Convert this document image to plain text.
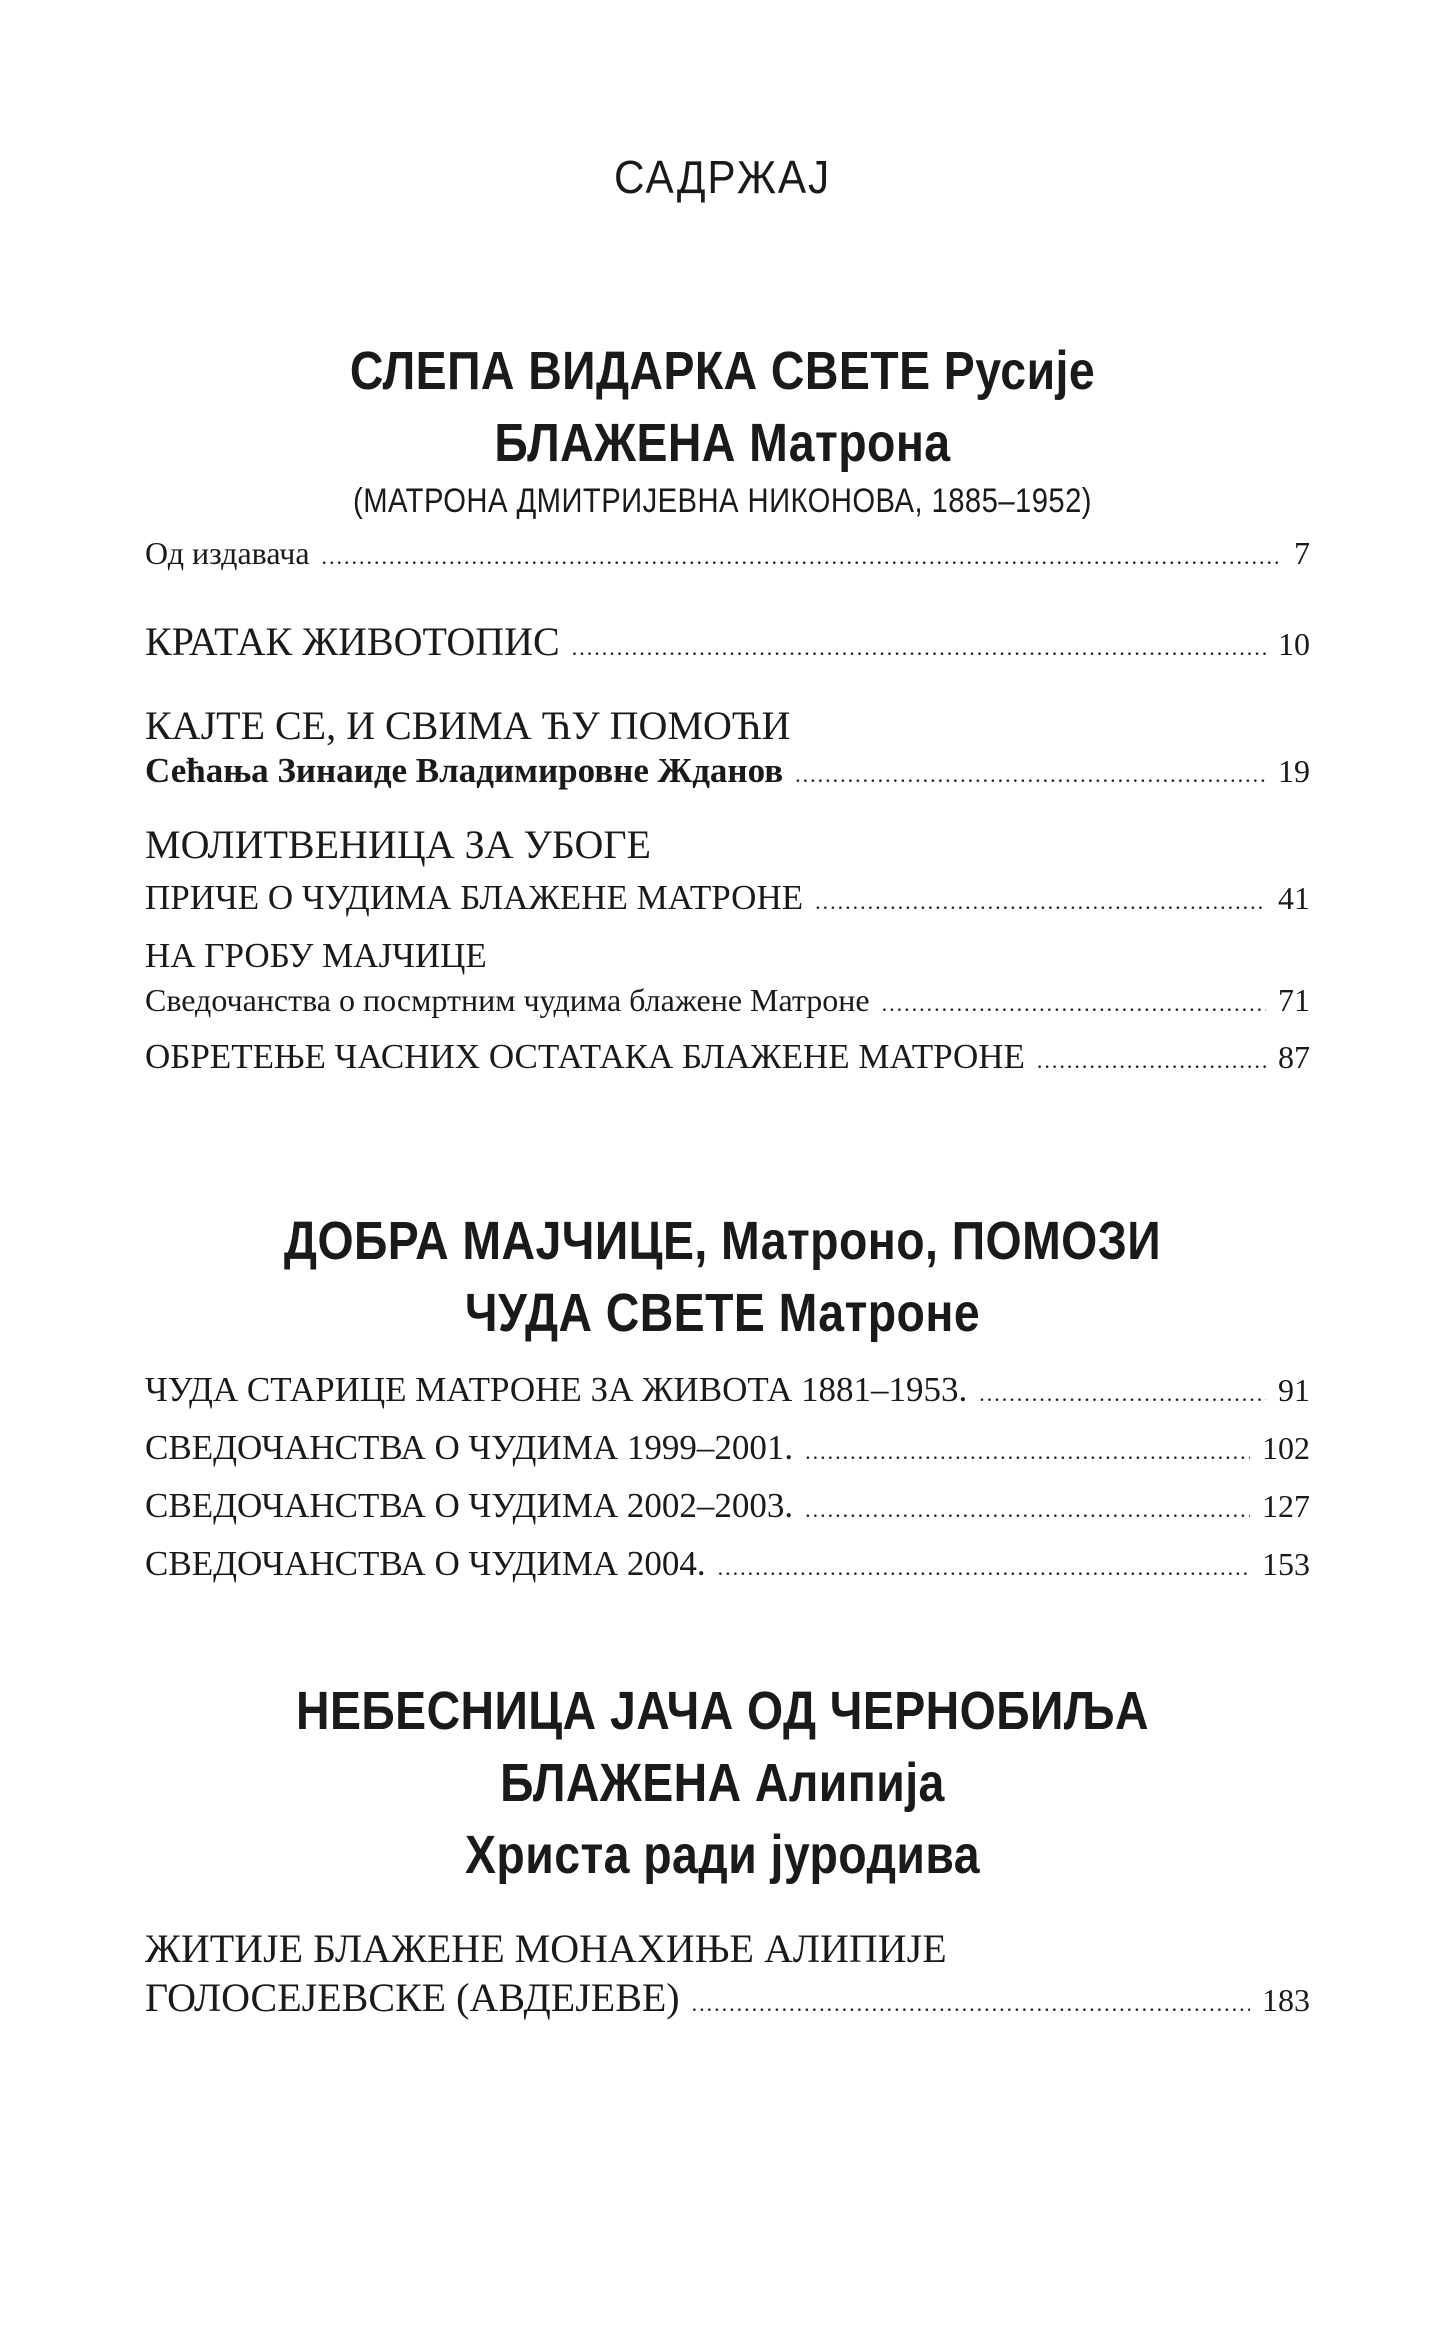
САДРЖАЈ
СЛЕПА ВИДАРКА СВЕТЕ Русије
БЛАЖЕНА Матрона
(МАТРОНА ДМИТРИЈЕВНА НИКОНОВА, 1885–1952)
Од издавача .....	7
КРАТАК ЖИВОТОПИС .....	10
КАЈТЕ СЕ, И СВИМА ЋУ ПОМОЋИ
Сећања Зинаиде Владимировне Жданов .....	19
МОЛИТВЕНИЦА ЗА УБОГЕ
ПРИЧЕ О ЧУДИМА БЛАЖЕНЕ МАТРОНЕ .....	41
НА ГРОБУ МАЈЧИЦЕ
Сведочанства о посмртним чудима блажене Матроне .....	71
ОБРЕТЕЊЕ ЧАСНИХ ОСТАТАКА БЛАЖЕНЕ МАТРОНЕ .....	87
ДОБРА МАЈЧИЦЕ, Матроно, ПОМОЗИ
ЧУДА СВЕТЕ Матроне
ЧУДА СТАРИЦЕ МАТРОНЕ ЗА ЖИВОТА 1881–1953. .....	91
СВЕДОЧАНСТВА О ЧУДИМА 1999–2001. .....	102
СВЕДОЧАНСТВА О ЧУДИМА 2002–2003. .....	127
СВЕДОЧАНСТВА О ЧУДИМА 2004. .....	153
НЕБЕСНИЦА ЈАЧА ОД ЧЕРНОБИЉА
БЛАЖЕНА Алипија
Христа ради јуродива
ЖИТИЈЕ БЛАЖЕНЕ МОНАХИЊЕ АЛИПИЈЕ
ГОЛОСЕЈЕВСКЕ (АВДЕЈЕВЕ) .....	183
